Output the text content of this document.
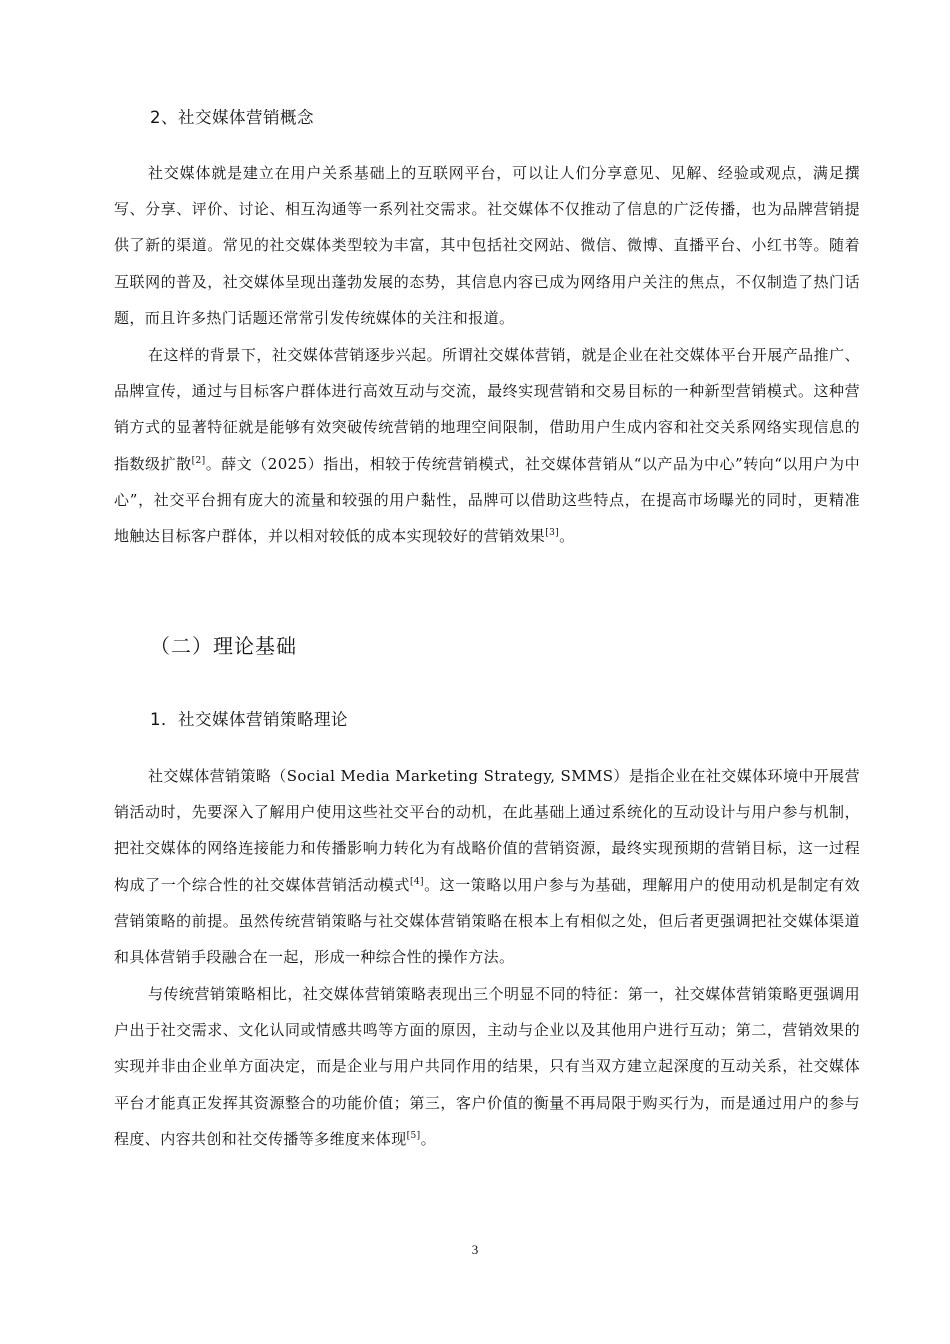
2、社交媒体营销概念

社交媒体就是建立在用户关系基础上的互联网平台，可以让人们分享意见、见解、经验或观点，满足撰写、分享、评价、讨论、相互沟通等一系列社交需求。社交媒体不仅推动了信息的广泛传播，也为品牌营销提供了新的渠道。常见的社交媒体类型较为丰富，其中包括社交网站、微信、微博、直播平台、小红书等。随着互联网的普及，社交媒体呈现出蓬勃发展的态势，其信息内容已成为网络用户关注的焦点，不仅制造了热门话题，而且许多热门话题还常常引发传统媒体的关注和报道。

在这样的背景下，社交媒体营销逐步兴起。所谓社交媒体营销，就是企业在社交媒体平台开展产品推广、品牌宣传，通过与目标客户群体进行高效互动与交流，最终实现营销和交易目标的一种新型营销模式。这种营销方式的显著特征就是能够有效突破传统营销的地理空间限制，借助用户生成内容和社交关系网络实现信息的指数级扩散[2]。薛文（2025）指出，相较于传统营销模式，社交媒体营销从“以产品为中心”转向“以用户为中心”，社交平台拥有庞大的流量和较强的用户黏性，品牌可以借助这些特点，在提高市场曝光的同时，更精准地触达目标客户群体，并以相对较低的成本实现较好的营销效果[3]。

（二）理论基础
1．社交媒体营销策略理论

社交媒体营销策略（Social Media Marketing Strategy, SMMS）是指企业在社交媒体环境中开展营销活动时，先要深入了解用户使用这些社交平台的动机，在此基础上通过系统化的互动设计与用户参与机制，把社交媒体的网络连接能力和传播影响力转化为有战略价值的营销资源，最终实现预期的营销目标，这一过程构成了一个综合性的社交媒体营销活动模式[4]。这一策略以用户参与为基础，理解用户的使用动机是制定有效营销策略的前提。虽然传统营销策略与社交媒体营销策略在根本上有相似之处，但后者更强调把社交媒体渠道和具体营销手段融合在一起，形成一种综合性的操作方法。

与传统营销策略相比，社交媒体营销策略表现出三个明显不同的特征：第一，社交媒体营销策略更强调用户出于社交需求、文化认同或情感共鸣等方面的原因，主动与企业以及其他用户进行互动；第二，营销效果的实现并非由企业单方面决定，而是企业与用户共同作用的结果，只有当双方建立起深度的互动关系，社交媒体平台才能真正发挥其资源整合的功能价值；第三，客户价值的衡量不再局限于购买行为，而是通过用户的参与程度、内容共创和社交传播等多维度来体现[5]。

3
